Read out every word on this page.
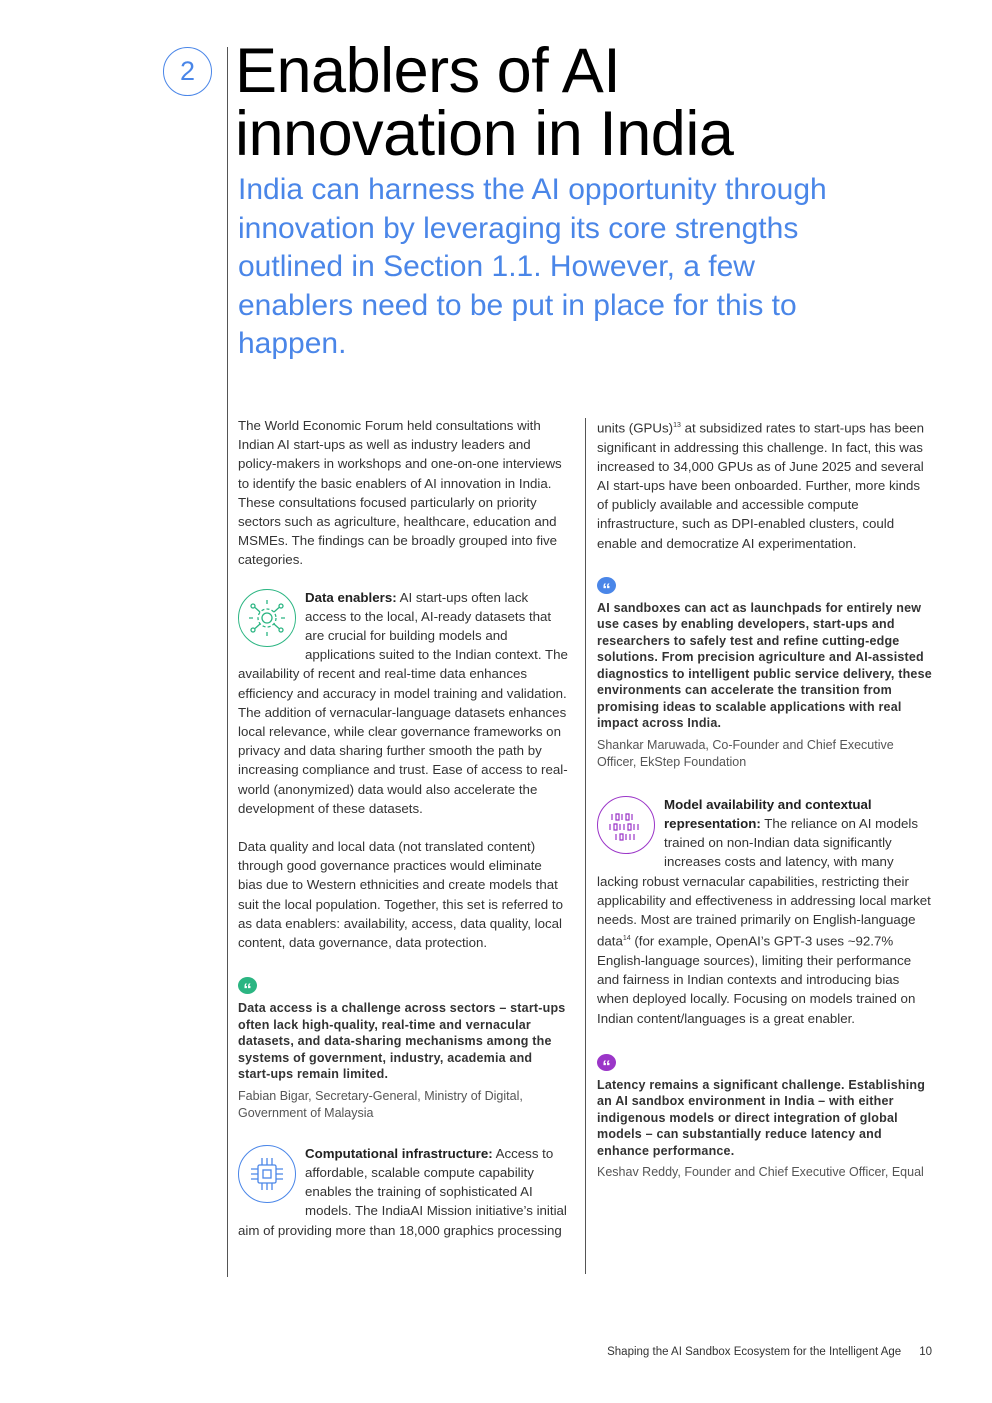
2 Enablers of AI
innovation in India

India can harness the AI opportunity through innovation by leveraging its core strengths outlined in Section 1.1. However, a few enablers need to be put in place for this to happen.

The World Economic Forum held consultations with Indian AI start-ups as well as industry leaders and policy-makers in workshops and one-on-one interviews to identify the basic enablers of AI innovation in India. These consultations focused particularly on priority sectors such as agriculture, healthcare, education and MSMEs. The findings can be broadly grouped into five categories.

Data enablers: AI start-ups often lack access to the local, AI-ready datasets that are crucial for building models and applications suited to the Indian context. The availability of recent and real-time data enhances efficiency and accuracy in model training and validation. The addition of vernacular-language datasets enhances local relevance, while clear governance frameworks on privacy and data sharing further smooth the path by increasing compliance and trust. Ease of access to real-world (anonymized) data would also accelerate the development of these datasets.

Data quality and local data (not translated content) through good governance practices would eliminate bias due to Western ethnicities and create models that suit the local population. Together, this set is referred to as data enablers: availability, access, data quality, local content, data governance, data protection.

“
Data access is a challenge across sectors – start-ups often lack high-quality, real-time and vernacular datasets, and data-sharing mechanisms among the systems of government, industry, academia and start-ups remain limited.
Fabian Bigar, Secretary-General, Ministry of Digital, Government of Malaysia

Computational infrastructure: Access to affordable, scalable compute capability enables the training of sophisticated AI models. The IndiaAI Mission initiative’s initial aim of providing more than 18,000 graphics processing

units (GPUs)$^{13}$ at subsidized rates to start-ups has been significant in addressing this challenge. In fact, this was increased to 34,000 GPUs as of June 2025 and several AI start-ups have been onboarded. Further, more kinds of publicly available and accessible compute infrastructure, such as DPI-enabled clusters, could enable and democratize AI experimentation.

“
AI sandboxes can act as launchpads for entirely new use cases by enabling developers, start-ups and researchers to safely test and refine cutting-edge solutions. From precision agriculture and AI-assisted diagnostics to intelligent public service delivery, these environments can accelerate the transition from promising ideas to scalable applications with real impact across India.
Shankar Maruwada, Co-Founder and Chief Executive Officer, EkStep Foundation

Model availability and contextual representation: The reliance on AI models trained on non-Indian data significantly increases costs and latency, with many lacking robust vernacular capabilities, restricting their applicability and effectiveness in addressing local market needs. Most are trained primarily on English-language data$^{14}$ (for example, OpenAI’s GPT-3 uses ~92.7% English-language sources), limiting their performance and fairness in Indian contexts and introducing bias when deployed locally. Focusing on models trained on Indian content/languages is a great enabler.

“
Latency remains a significant challenge. Establishing an AI sandbox environment in India – with either indigenous models or direct integration of global models – can substantially reduce latency and enhance performance.
Keshav Reddy, Founder and Chief Executive Officer, Equal
Shaping the AI Sandbox Ecosystem for the Intelligent Age 10
